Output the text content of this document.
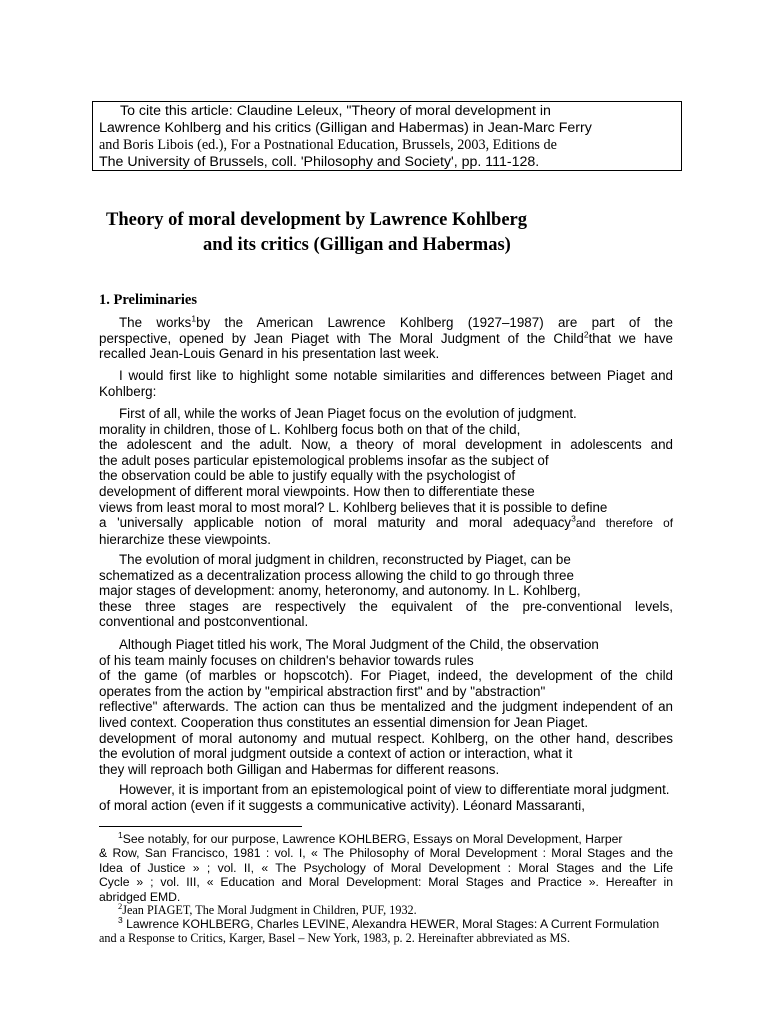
To cite this article: Claudine Leleux, "Theory of moral development in
Lawrence Kohlberg and his critics (Gilligan and Habermas) in Jean-Marc Ferry
and Boris Libois (ed.), For a Postnational Education, Brussels, 2003, Editions de
The University of Brussels, coll. 'Philosophy and Society', pp. 111-128.
Theory of moral development by Lawrence Kohlberg
and its critics (Gilligan and Habermas)
1. Preliminaries
The works$^1$by the American Lawrence Kohlberg (1927–1987) are part of the
perspective, opened by Jean Piaget with The Moral Judgment of the Child$^2$that we have
recalled Jean-Louis Genard in his presentation last week.
I would first like to highlight some notable similarities and differences between Piaget and
Kohlberg:
First of all, while the works of Jean Piaget focus on the evolution of judgment.
morality in children, those of L. Kohlberg focus both on that of the child,
the adolescent and the adult. Now, a theory of moral development in adolescents and
the adult poses particular epistemological problems insofar as the subject of
the observation could be able to justify equally with the psychologist of
development of different moral viewpoints. How then to differentiate these
views from least moral to most moral? L. Kohlberg believes that it is possible to define
a 'universally applicable notion of moral maturity and moral adequacy$^3$and therefore of
hierarchize these viewpoints.
The evolution of moral judgment in children, reconstructed by Piaget, can be
schematized as a decentralization process allowing the child to go through three
major stages of development: anomy, heteronomy, and autonomy. In L. Kohlberg,
these three stages are respectively the equivalent of the pre-conventional levels,
conventional and postconventional.
Although Piaget titled his work, The Moral Judgment of the Child, the observation
of his team mainly focuses on children's behavior towards rules
of the game (of marbles or hopscotch). For Piaget, indeed, the development of the child
operates from the action by "empirical abstraction first" and by "abstraction"
reflective" afterwards. The action can thus be mentalized and the judgment independent of an
lived context. Cooperation thus constitutes an essential dimension for Jean Piaget.
development of moral autonomy and mutual respect. Kohlberg, on the other hand, describes
the evolution of moral judgment outside a context of action or interaction, what it
they will reproach both Gilligan and Habermas for different reasons.
However, it is important from an epistemological point of view to differentiate moral judgment.
of moral action (even if it suggests a communicative activity). Léonard Massaranti,
$^1$See notably, for our purpose, Lawrence KOHLBERG, Essays on Moral Development, Harper
& Row, San Francisco, 1981 : vol. I, « The Philosophy of Moral Development : Moral Stages and the
Idea of Justice » ; vol. II, « The Psychology of Moral Development : Moral Stages and the Life
Cycle » ; vol. III, « Education and Moral Development: Moral Stages and Practice ». Hereafter in
abridged EMD.
$^2$Jean PIAGET, The Moral Judgment in Children, PUF, 1932.
$^3$ Lawrence KOHLBERG, Charles LEVINE, Alexandra HEWER, Moral Stages: A Current Formulation
and a Response to Critics, Karger, Basel – New York, 1983, p. 2. Hereinafter abbreviated as MS.
